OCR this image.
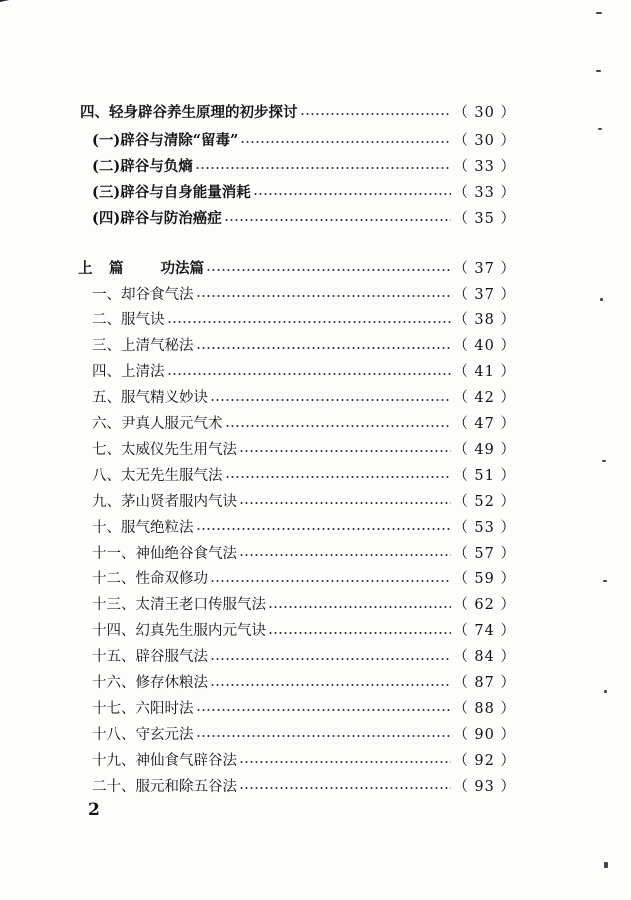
四、轻身辟谷养生原理的初步探讨	（ 30 ）
(一)辟谷与清除“留毒”	（ 30 ）
(二)辟谷与负熵	（ 33 ）
(三)辟谷与自身能量消耗	（ 33 ）
(四)辟谷与防治癌症	（ 35 ）
上　篇 功法篇	（ 37 ）
一、却谷食气法	（ 37 ）
二、服气诀	（ 38 ）
三、上清气秘法	（ 40 ）
四、上清法	（ 41 ）
五、服气精义妙诀	（ 42 ）
六、尹真人服元气术	（ 47 ）
七、太威仪先生用气法	（ 49 ）
八、太无先生服气法	（ 51 ）
九、茅山贤者服内气诀	（ 52 ）
十、服气绝粒法	（ 53 ）
十一、神仙绝谷食气法	（ 57 ）
十二、性命双修功	（ 59 ）
十三、太清王老口传服气法	（ 62 ）
十四、幻真先生服内元气诀	（ 74 ）
十五、辟谷服气法	（ 84 ）
十六、修存休粮法	（ 87 ）
十七、六阳时法	（ 88 ）
十八、守玄元法	（ 90 ）
十九、神仙食气辟谷法	（ 92 ）
二十、服元和除五谷法	（ 93 ）
2
